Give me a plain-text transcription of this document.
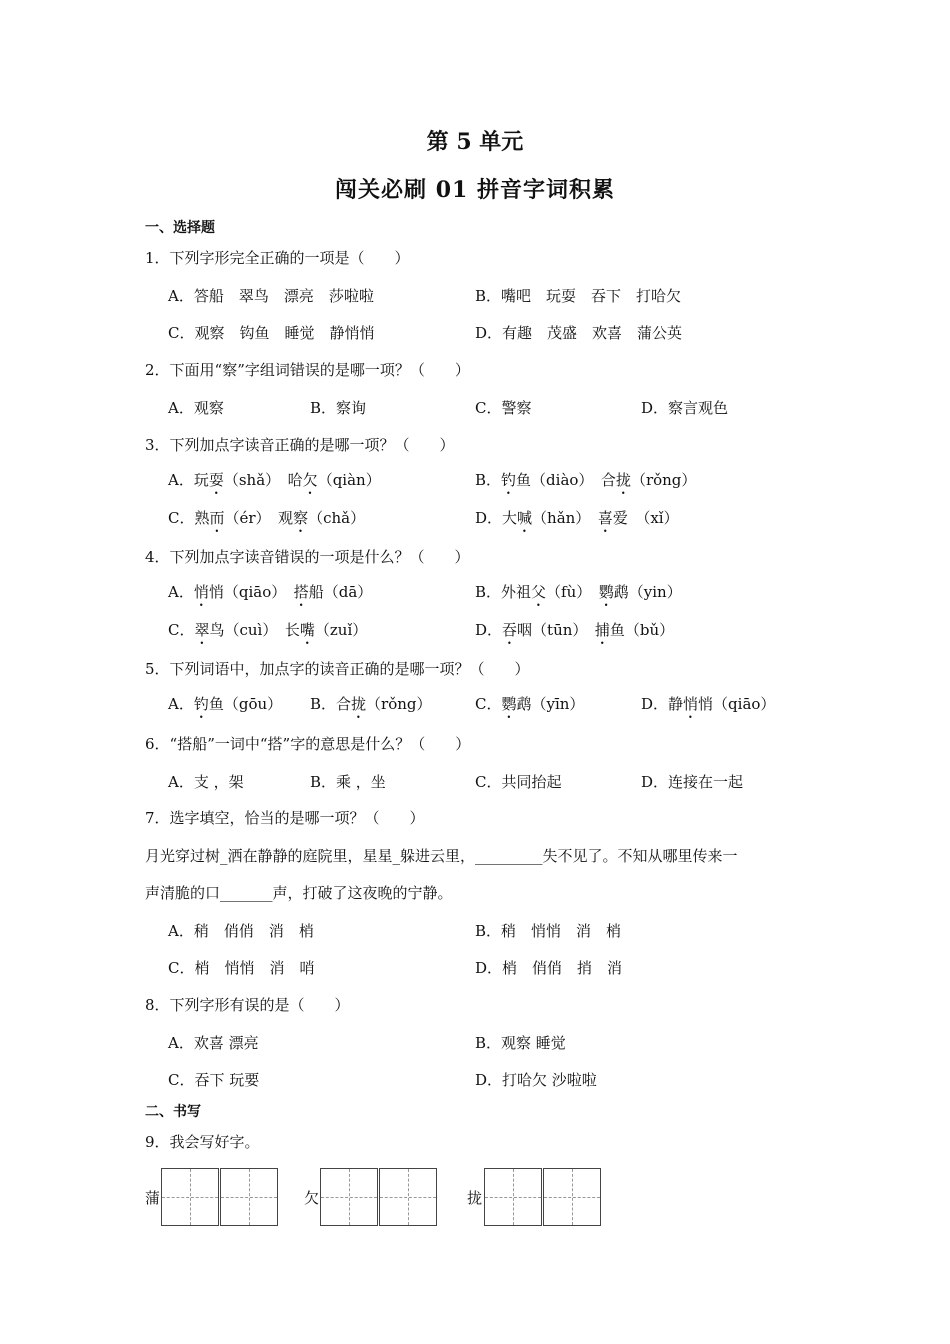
第 5 单元
闯关必刷 01 拼音字词积累
一、选择题
1．下列字形完全正确的一项是（　　）
A．答船　翠鸟　漂亮　莎啦啦	B．嘴吧　玩耍　吞下　打哈欠
C．观察　钩鱼　睡觉　静悄悄	D．有趣　茂盛　欢喜　蒲公英
2．下面用“察”字组词错误的是哪一项？（　　）
A．观察	B．察询	C．警察	D．察言观色
3．下列加点字读音正确的是哪一项？（　　）
A．玩耍（shǎ）　哈欠（qiàn）	B．钓鱼（diào）　合拢（rǒng）
C．熟而（ér）　观察（chǎ）	D．大喊（hǎn）　喜爱　（xǐ）
4．下列加点字读音错误的一项是什么？（　　）
A．悄悄（qiāo）　搭船（dā）	B．外祖父（fù）　鹦鹉（yin）
C．翠鸟（cuì）　长嘴（zuǐ）	D．吞咽（tūn）　捕鱼（bǔ）
5．下列词语中，加点字的读音正确的是哪一项？（　　）
A．钓鱼（gōu） B．合拢（rǒng）	C．鹦鹉（yīn）	D．静悄悄（qiāo）
6．“搭船”一词中“搭”字的意思是什么？（　　）
A．支 ，架	B．乘 ，坐	C．共同抬起	D．连接在一起
7．选字填空，恰当的是哪一项？（　　）
月光穿过树_洒在静静的庭院里，星星_躲进云里，_________失不见了。不知从哪里传来一
声清脆的口_______声，打破了这夜晚的宁静。
A．稍　俏俏　消　梢	B．稍　悄悄　消　梢
C．梢　悄悄　消　哨	D．梢　俏俏　捎　消
8．下列字形有误的是（　　）
A．欢喜 漂亮	B．观察 睡觉
C．吞下 玩要	D．打哈欠 沙啦啦
二、书写
9．我会写好字。
蒲	欠	拢
